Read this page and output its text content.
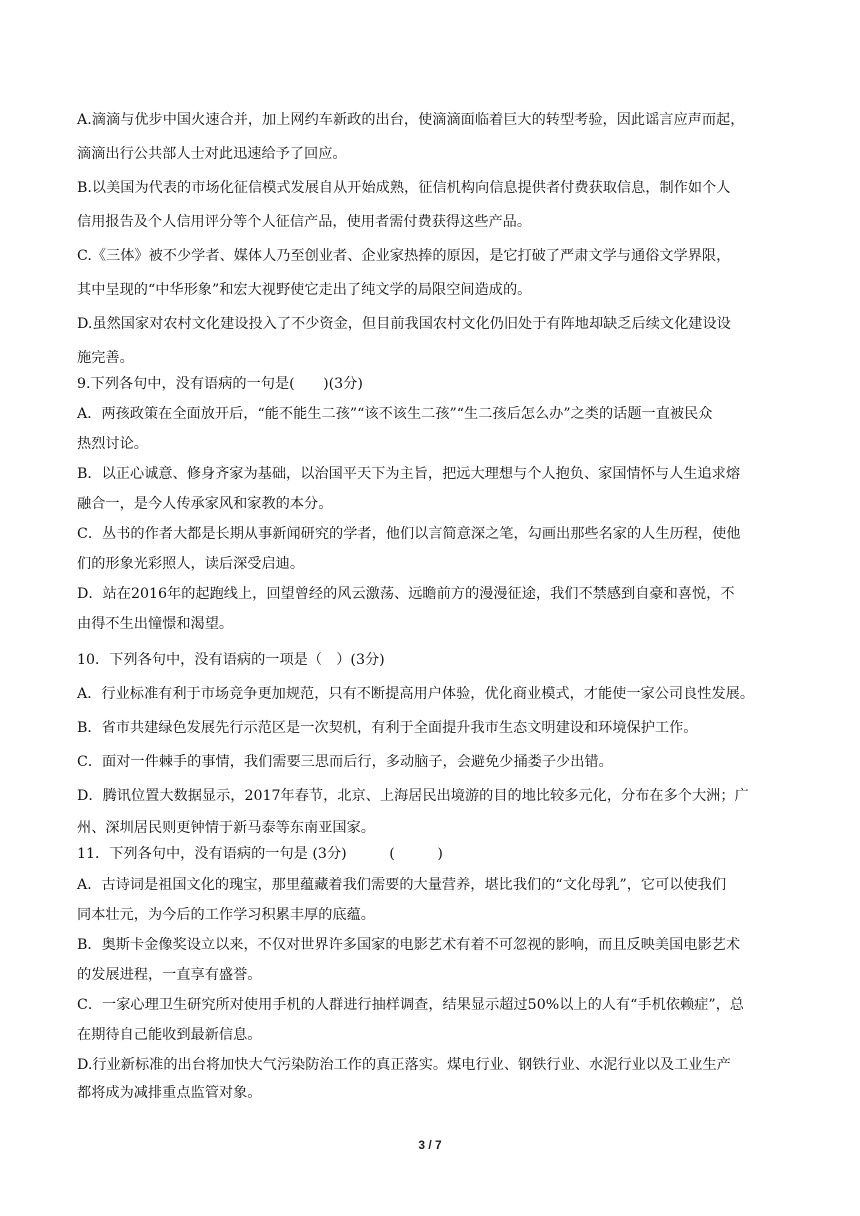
A.滴滴与优步中国火速合并，加上网约车新政的出台，使滴滴面临着巨大的转型考验，因此谣言应声而起，

滴滴出行公共部人士对此迅速给予了回应。

B.以美国为代表的市场化征信模式发展自从开始成熟，征信机构向信息提供者付费获取信息，制作如个人

信用报告及个人信用评分等个人征信产品，使用者需付费获得这些产品。

C.《三体》被不少学者、媒体人乃至创业者、企业家热捧的原因，是它打破了严肃文学与通俗文学界限，

其中呈现的“中华形象”和宏大视野使它走出了纯文学的局限空间造成的。

D.虽然国家对农村文化建设投入了不少资金，但目前我国农村文化仍旧处于有阵地却缺乏后续文化建设设

施完善。

9.下列各句中，没有语病的一句是(　　)(3分)

A．两孩政策在全面放开后，“能不能生二孩”“该不该生二孩”“生二孩后怎么办”之类的话题一直被民众

热烈讨论。

B．以正心诚意、修身齐家为基础，以治国平天下为主旨，把远大理想与个人抱负、家国情怀与人生追求熔

融合一，是今人传承家风和家教的本分。

C．丛书的作者大都是长期从事新闻研究的学者，他们以言简意深之笔，勾画出那些名家的人生历程，使他

们的形象光彩照人，读后深受启迪。

D．站在2016年的起跑线上，回望曾经的风云激荡、远瞻前方的漫漫征途，我们不禁感到自豪和喜悦，不

由得不生出憧憬和渴望。

10．下列各句中，没有语病的一项是（　）(3分)

A．行业标准有利于市场竞争更加规范，只有不断提高用户体验，优化商业模式，才能使一家公司良性发展。

B．省市共建绿色发展先行示范区是一次契机，有利于全面提升我市生态文明建设和环境保护工作。

C．面对一件棘手的事情，我们需要三思而后行，多动脑子，会避免少捅娄子少出错。

D．腾讯位置大数据显示，2017年春节，北京、上海居民出境游的目的地比较多元化，分布在多个大洲；广

州、深圳居民则更钟情于新马泰等东南亚国家。

11．下列各句中，没有语病的一句是 (3分)　　　(　　　)

A．古诗词是祖国文化的瑰宝，那里蕴藏着我们需要的大量营养，堪比我们的“文化母乳”，它可以使我们

同本壮元，为今后的工作学习积累丰厚的底蕴。

B．奥斯卡金像奖设立以来，不仅对世界许多国家的电影艺术有着不可忽视的影响，而且反映美国电影艺术

的发展进程，一直享有盛誉。

C．一家心理卫生研究所对使用手机的人群进行抽样调查，结果显示超过50%以上的人有“手机依赖症”，总

在期待自己能收到最新信息。

D.行业新标准的出台将加快大气污染防治工作的真正落实。煤电行业、钢铁行业、水泥行业以及工业生产

都将成为减排重点监管对象。

3 / 7
